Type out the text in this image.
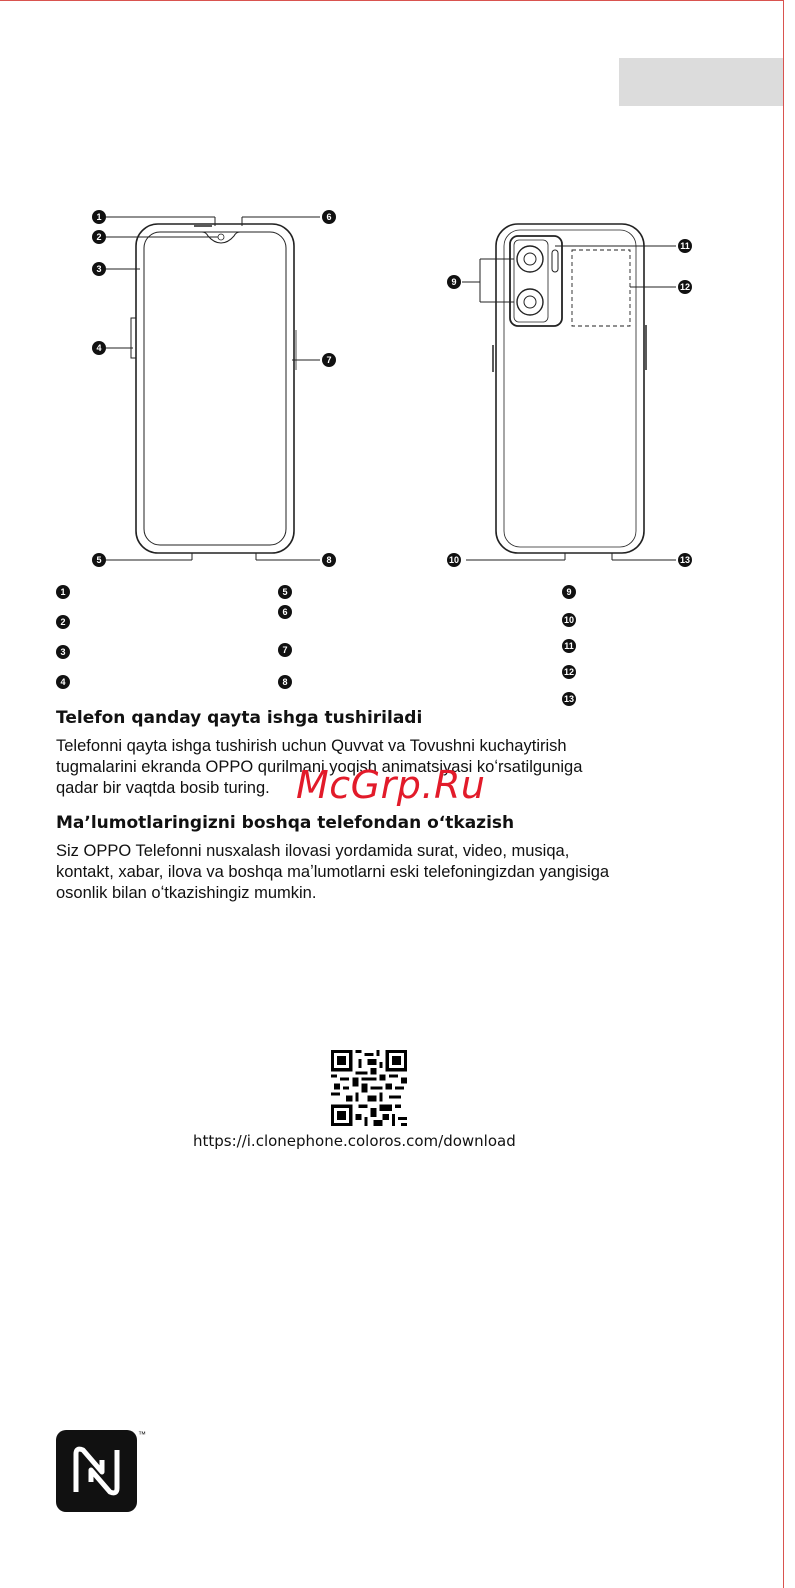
1
2
3
4
5
6
7
8
9
10
11
12
13
1
2
3
4
5
6
7
8
9
10
11
12
13
Telefon qanday qayta ishga tushiriladi

Telefonni qayta ishga tushirish uchun Quvvat va Tovushni kuchaytirish
tugmalarini ekranda OPPO qurilmani yoqish animatsiyasi koʻrsatilguniga
qadar bir vaqtda bosib turing.

Maʼlumotlaringizni boshqa telefondan oʻtkazish

Siz OPPO Telefonni nusxalash ilovasi yordamida surat, video, musiqa,
kontakt, xabar, ilova va boshqa maʼlumotlarni eski telefoningizdan yangisiga
osonlik bilan oʻtkazishingiz mumkin.

McGrp.Ru
https://i.clonephone.coloros.com/download
™
